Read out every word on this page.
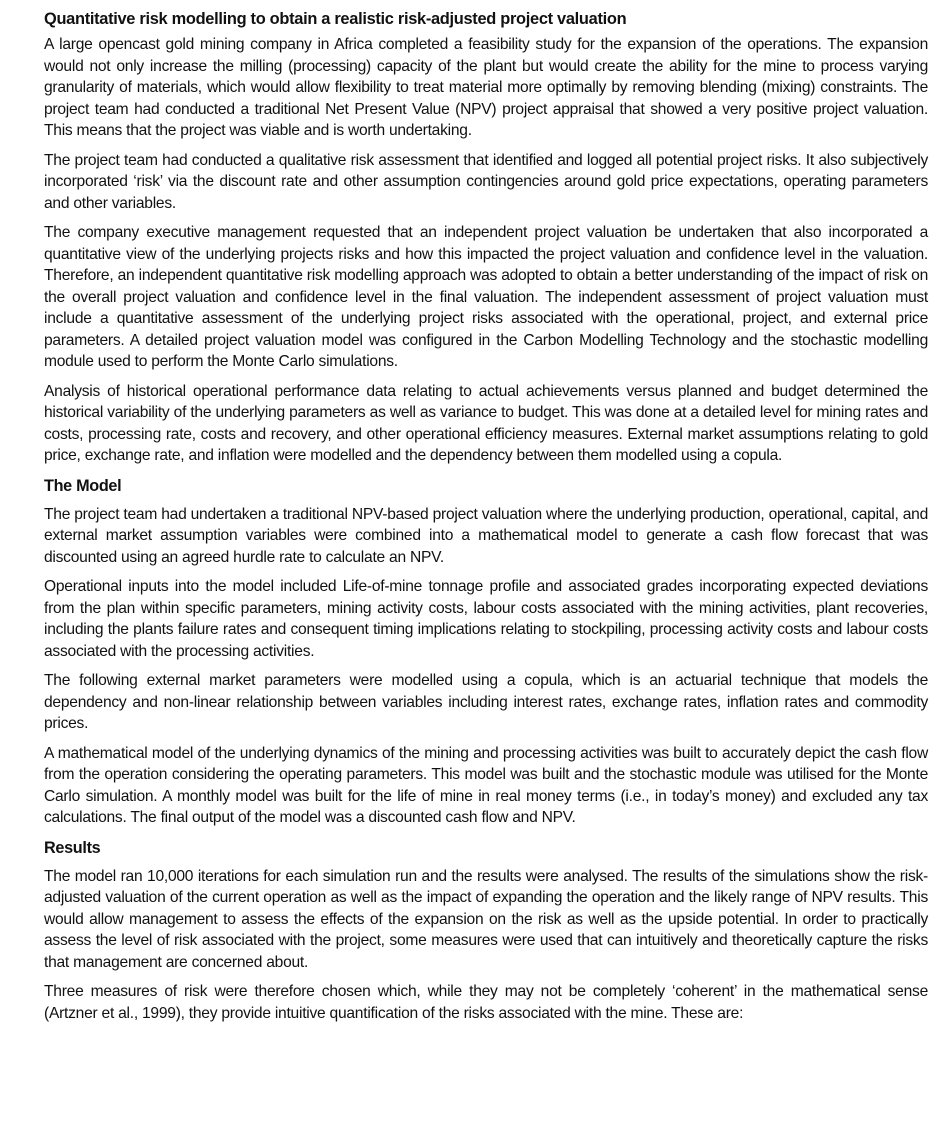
Quantitative risk modelling to obtain a realistic risk-adjusted project valuation

A large opencast gold mining company in Africa completed a feasibility study for the expansion of the operations. The expansion would not only increase the milling (processing) capacity of the plant but would create the ability for the mine to process varying granularity of materials, which would allow flexibility to treat material more optimally by removing blending (mixing) constraints. The project team had conducted a traditional Net Present Value (NPV) project appraisal that showed a very positive project valuation. This means that the project was viable and is worth undertaking.

The project team had conducted a qualitative risk assessment that identified and logged all potential project risks. It also subjectively incorporated ‘risk’ via the discount rate and other assumption contingencies around gold price expectations, operating parameters and other variables.

The company executive management requested that an independent project valuation be undertaken that also incorporated a quantitative view of the underlying projects risks and how this impacted the project valuation and confidence level in the valuation. Therefore, an independent quantitative risk modelling approach was adopted to obtain a better understanding of the impact of risk on the overall project valuation and confidence level in the final valuation. The independent assessment of project valuation must include a quantitative assessment of the underlying project risks associated with the operational, project, and external price parameters. A detailed project valuation model was configured in the Carbon Modelling Technology and the stochastic modelling module used to perform the Monte Carlo simulations.

Analysis of historical operational performance data relating to actual achievements versus planned and budget determined the historical variability of the underlying parameters as well as variance to budget. This was done at a detailed level for mining rates and costs, processing rate, costs and recovery, and other operational efficiency measures. External market assumptions relating to gold price, exchange rate, and inflation were modelled and the dependency between them modelled using a copula.

The Model

The project team had undertaken a traditional NPV-based project valuation where the underlying production, operational, capital, and external market assumption variables were combined into a mathematical model to generate a cash flow forecast that was discounted using an agreed hurdle rate to calculate an NPV.

Operational inputs into the model included Life-of-mine tonnage profile and associated grades incorporating expected deviations from the plan within specific parameters, mining activity costs, labour costs associated with the mining activities, plant recoveries, including the plants failure rates and consequent timing implications relating to stockpiling, processing activity costs and labour costs associated with the processing activities.

The following external market parameters were modelled using a copula, which is an actuarial technique that models the dependency and non-linear relationship between variables including interest rates, exchange rates, inflation rates and commodity prices.

A mathematical model of the underlying dynamics of the mining and processing activities was built to accurately depict the cash flow from the operation considering the operating parameters. This model was built and the stochastic module was utilised for the Monte Carlo simulation. A monthly model was built for the life of mine in real money terms (i.e., in today’s money) and excluded any tax calculations. The final output of the model was a discounted cash flow and NPV.

Results

The model ran 10,000 iterations for each simulation run and the results were analysed. The results of the simulations show the risk-adjusted valuation of the current operation as well as the impact of expanding the operation and the likely range of NPV results. This would allow management to assess the effects of the expansion on the risk as well as the upside potential. In order to practically assess the level of risk associated with the project, some measures were used that can intuitively and theoretically capture the risks that management are concerned about.

Three measures of risk were therefore chosen which, while they may not be completely ‘coherent’ in the mathematical sense (Artzner et al., 1999), they provide intuitive quantification of the risks associated with the mine. These are:
